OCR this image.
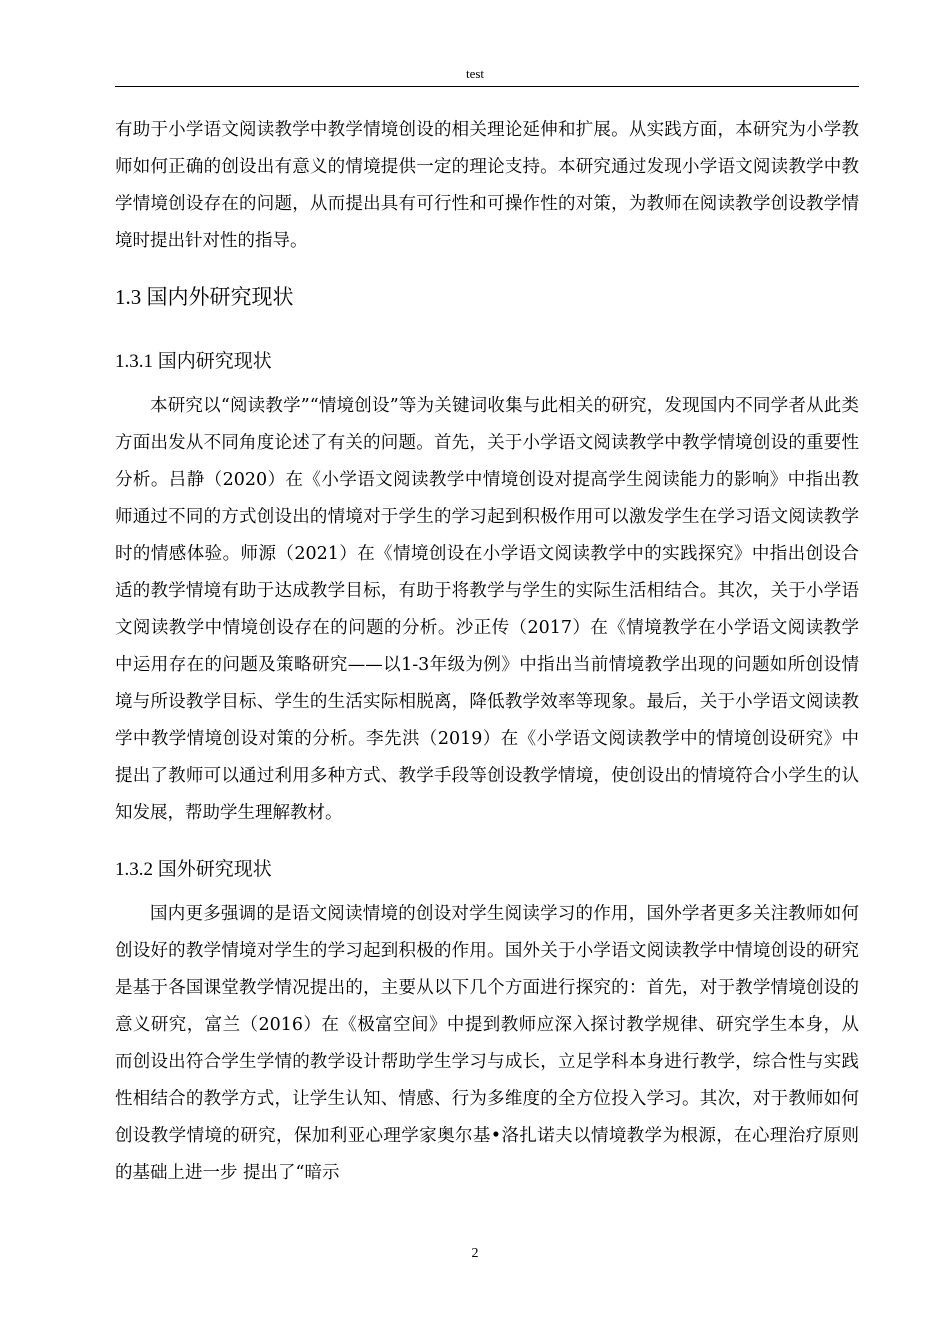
test

有助于小学语文阅读教学中教学情境创设的相关理论延伸和扩展。从实践方面，本研究为小学教师如何正确的创设出有意义的情境提供一定的理论支持。本研究通过发现小学语文阅读教学中教学情境创设存在的问题，从而提出具有可行性和可操作性的对策，为教师在阅读教学创设教学情境时提出针对性的指导。

1.3 国内外研究现状
1.3.1 国内研究现状

本研究以“阅读教学”“情境创设”等为关键词收集与此相关的研究，发现国内不同学者从此类方面出发从不同角度论述了有关的问题。首先，关于小学语文阅读教学中教学情境创设的重要性分析。吕静（2020）在《小学语文阅读教学中情境创设对提高学生阅读能力的影响》中指出教师通过不同的方式创设出的情境对于学生的学习起到积极作用可以激发学生在学习语文阅读教学时的情感体验。师源（2021）在《情境创设在小学语文阅读教学中的实践探究》中指出创设合适的教学情境有助于达成教学目标，有助于将教学与学生的实际生活相结合。其次，关于小学语文阅读教学中情境创设存在的问题的分析。沙正传（2017）在《情境教学在小学语文阅读教学中运用存在的问题及策略研究——以1-3年级为例》中指出当前情境教学出现的问题如所创设情境与所设教学目标、学生的生活实际相脱离，降低教学效率等现象。最后，关于小学语文阅读教学中教学情境创设对策的分析。李先洪（2019）在《小学语文阅读教学中的情境创设研究》中提出了教师可以通过利用多种方式、教学手段等创设教学情境，使创设出的情境符合小学生的认知发展，帮助学生理解教材。

1.3.2 国外研究现状

国内更多强调的是语文阅读情境的创设对学生阅读学习的作用，国外学者更多关注教师如何创设好的教学情境对学生的学习起到积极的作用。国外关于小学语文阅读教学中情境创设的研究是基于各国课堂教学情况提出的，主要从以下几个方面进行探究的：首先，对于教学情境创设的意义研究，富兰（2016）在《极富空间》中提到教师应深入探讨教学规律、研究学生本身，从而创设出符合学生学情的教学设计帮助学生学习与成长，立足学科本身进行教学，综合性与实践性相结合的教学方式，让学生认知、情感、行为多维度的全方位投入学习。其次，对于教师如何创设教学情境的研究，保加利亚心理学家奥尔基•洛扎诺夫以情境教学为根源，在心理治疗原则的基础上进一步 提出了“暗示

2
